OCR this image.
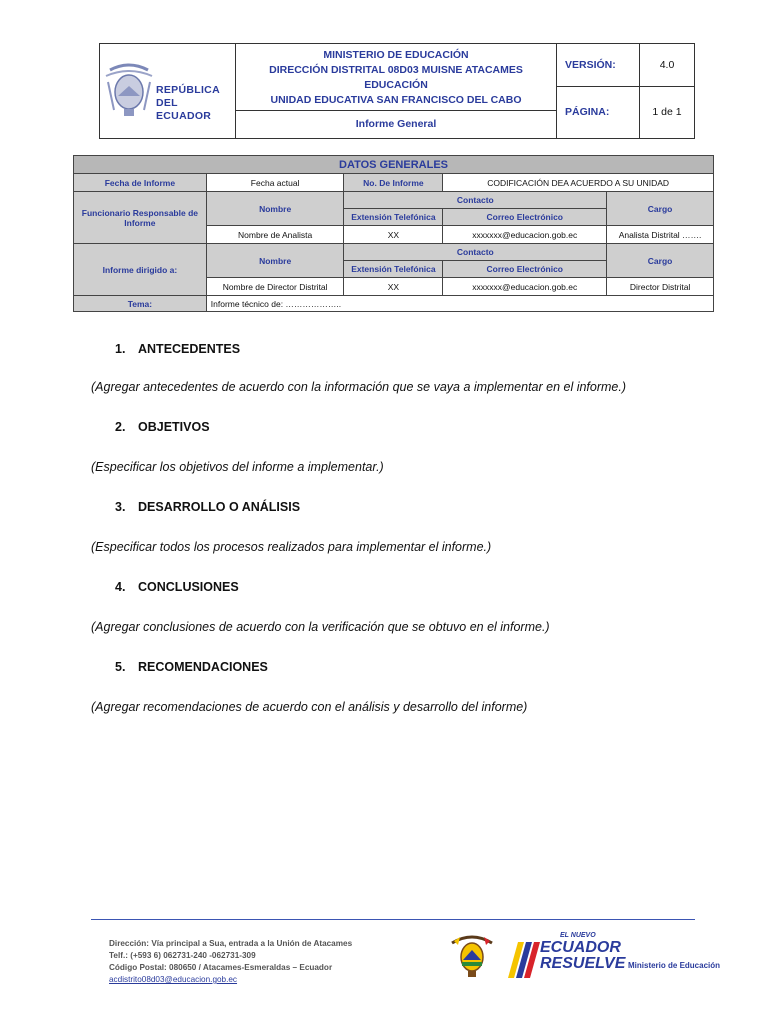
REPÚBLICA
DEL ECUADOR
MINISTERIO DE EDUCACIÓN
DIRECCIÓN DISTRITAL 08D03 MUISNE ATACAMES
EDUCACIÓN
UNIDAD EDUCATIVA SAN FRANCISCO DEL CABO
Informe General
VERSIÓN:	4.0
PÁGINA:	1 de 1
DATOS GENERALES				
Fecha de Informe	Fecha actual	No. De Informe	CODIFICACIÓN DEA ACUERDO A SU UNIDAD	
Funcionario Responsable de Informe	Nombre	Contacto		Cargo
		Extensión Telefónica	Correo Electrónico	
	Nombre de Analista	XX	xxxxxxx@educacion.gob.ec	Analista Distrital …….
Informe dirigido a:	Nombre	Contacto		Cargo
		Extensión Telefónica	Correo Electrónico	
	Nombre de Director Distrital	XX	xxxxxxx@educacion.gob.ec	Director Distrital
Tema:	Informe técnico de: ………………..			
1. ANTECEDENTES
(Agregar antecedentes de acuerdo con la información que se vaya a implementar en el informe.)
2. OBJETIVOS
(Especificar los objetivos del informe a implementar.)
3. DESARROLLO O ANÁLISIS
(Especificar todos los procesos realizados para implementar el informe.)
4. CONCLUSIONES
(Agregar conclusiones de acuerdo con la verificación que se obtuvo en el informe.)
5. RECOMENDACIONES
(Agregar recomendaciones de acuerdo con el análisis y desarrollo del informe)
Dirección: Vía principal a Sua, entrada a la Unión de Atacames
Telf.: (+593 6) 062731-240 -062731-309
Código Postal: 080650 / Atacames-Esmeraldas – Ecuador
acdistrito08d03@educacion.gob.ec
EL NUEVO
ECUADOR
RESUELVE Ministerio de Educación
